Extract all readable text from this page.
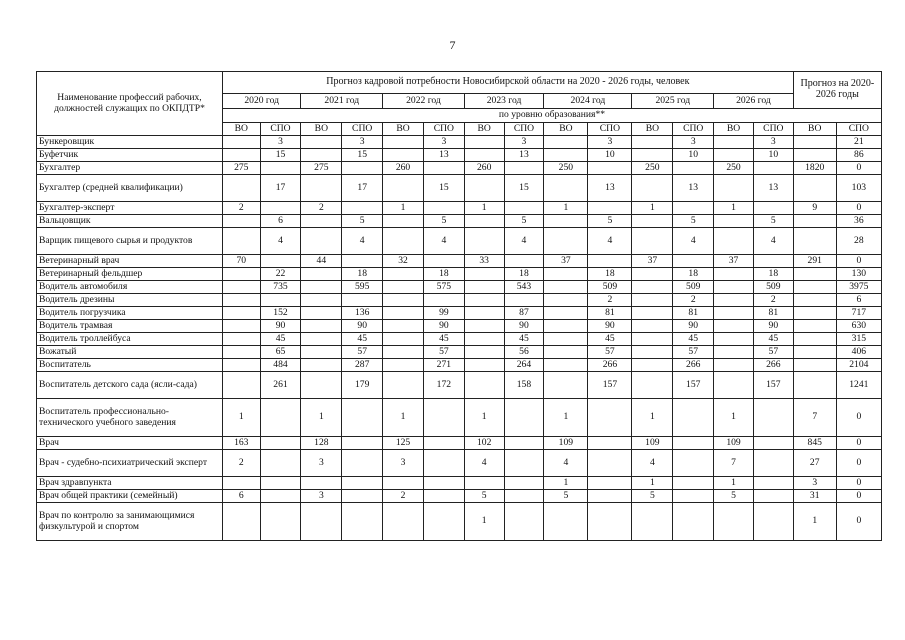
7
Наименование профессий рабочих, должностей служащих по ОКПДТР*	Прогноз кадровой потребности Новосибирской области на 2020 - 2026 годы, человек														Прогноз на 2020-2026 годы	
	2020 год		2021 год		2022 год		2023 год		2024 год		2025 год		2026 год			
	по уровню образования**															
	ВО	СПО	ВО	СПО	ВО	СПО	ВО	СПО	ВО	СПО	ВО	СПО	ВО	СПО	ВО	СПО
Бункеровщик		3		3		3		3		3		3		3		21
Буфетчик		15		15		13		13		10		10		10		86
Бухгалтер	275		275		260		260		250		250		250		1820	0
Бухгалтер (средней квалификации)		17		17		15		15		13		13		13		103
Бухгалтер-эксперт	2		2		1		1		1		1		1		9	0
Вальцовщик		6		5		5		5		5		5		5		36
Варщик пищевого сырья и продуктов		4		4		4		4		4		4		4		28
Ветеринарный врач	70		44		32		33		37		37		37		291	0
Ветеринарный фельдшер		22		18		18		18		18		18		18		130
Водитель автомобиля		735		595		575		543		509		509		509		3975
Водитель дрезины										2		2		2		6
Водитель погрузчика		152		136		99		87		81		81		81		717
Водитель трамвая		90		90		90		90		90		90		90		630
Водитель троллейбуса		45		45		45		45		45		45		45		315
Вожатый		65		57		57		56		57		57		57		406
Воспитатель		484		287		271		264		266		266		266		2104
Воспитатель детского сада (ясли-сада)		261		179		172		158		157		157		157		1241
Воспитатель профессионально-технического учебного заведения	1		1		1		1		1		1		1		7	0
Врач	163		128		125		102		109		109		109		845	0
Врач - судебно-психиатрический эксперт	2		3		3		4		4		4		7		27	0
Врач здравпункта									1		1		1		3	0
Врач общей практики (семейный)	6		3		2		5		5		5		5		31	0
Врач по контролю за занимающимися физкультурой и спортом							1								1	0
